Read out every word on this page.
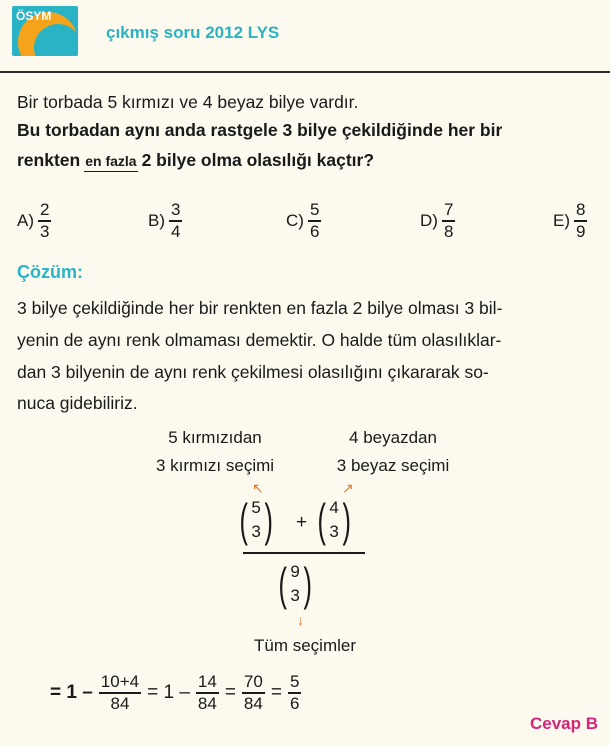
ÖSYM
çıkmış soru 2012 LYS
Bir torbada 5 kırmızı ve 4 beyaz bilye vardır.
Bu torbadan aynı anda rastgele 3 bilye çekildiğinde her bir
renkten en fazla 2 bilye olma olasılığı kaçtır?
$A) \frac{2}{3}$	$B) \frac{3}{4}$	$C) \frac{5}{6}$	$D) \frac{7}{8}$	$E) \frac{8}{9}$
Çözüm:
3 bilye çekildiğinde her bir renkten en fazla 2 bilye olması 3 bil-
yenin de aynı renk olmaması demektir. O halde tüm olasılıklar-
dan 3 bilyenin de aynı renk çekilmesi olasılığını çıkararak so-
nuca gidebiliriz.
5 kırmızıdan
3 kırmızı seçimi
4 beyazdan
3 beyaz seçimi
↖	↗
( 5
3 ) + ( 4
3 )
( 9
3 )
↓
Tüm seçimler
= $1 - \frac{10+4}{84} = 1 - \frac{14}{84} = \frac{70}{84} = \frac{5}{6}$
Cevap B
